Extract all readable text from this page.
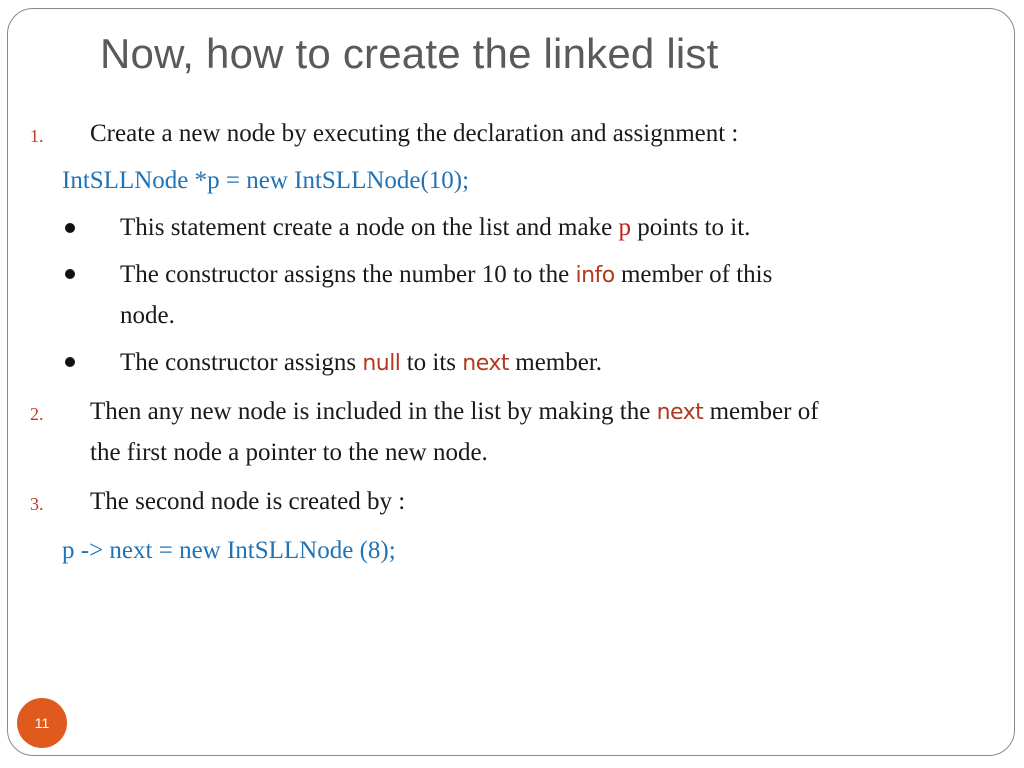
Now, how to create the linked list
1. Create a new node by executing the declaration and assignment :
IntSLLNode *p = new IntSLLNode(10);
This statement create a node on the list and make p points to it.
The constructor assigns the number 10 to the info member of this
node.
The constructor assigns null to its next member.
2. Then any new node is included in the list by making the next member of
the first node a pointer to the new node.
3. The second node is created by :
p -> next = new IntSLLNode (8);
11
